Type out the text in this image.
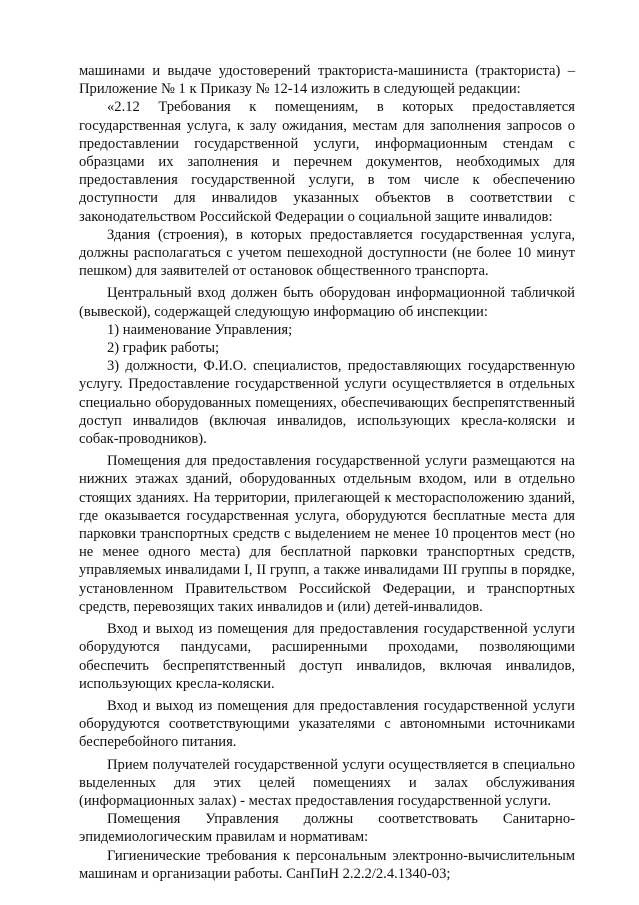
машинами и выдаче удостоверений тракториста-машиниста (тракториста) – Приложение № 1 к Приказу № 12-14 изложить в следующей редакции:

«2.12 Требования к помещениям, в которых предоставляется государственная услуга, к залу ожидания, местам для заполнения запросов о предоставлении государственной услуги, информационным стендам с образцами их заполнения и перечнем документов, необходимых для предоставления государственной услуги, в том числе к обеспечению доступности для инвалидов указанных объектов в соответствии с законодательством Российской Федерации о социальной защите инвалидов:

Здания (строения), в которых предоставляется государственная услуга, должны располагаться с учетом пешеходной доступности (не более 10 минут пешком) для заявителей от остановок общественного транспорта.

Центральный вход должен быть оборудован информационной табличкой (вывеской), содержащей следующую информацию об инспекции:

1) наименование Управления;

2) график работы;

3) должности, Ф.И.О. специалистов, предоставляющих государственную услугу. Предоставление государственной услуги осуществляется в отдельных специально оборудованных помещениях, обеспечивающих беспрепятственный доступ инвалидов (включая инвалидов, использующих кресла-коляски и собак-проводников).

Помещения для предоставления государственной услуги размещаются на нижних этажах зданий, оборудованных отдельным входом, или в отдельно стоящих зданиях. На территории, прилегающей к месторасположению зданий, где оказывается государственная услуга, оборудуются бесплатные места для парковки транспортных средств с выделением не менее 10 процентов мест (но не менее одного места) для бесплатной парковки транспортных средств, управляемых инвалидами I, II групп, а также инвалидами III группы в порядке, установленном Правительством Российской Федерации, и транспортных средств, перевозящих таких инвалидов и (или) детей-инвалидов.

Вход и выход из помещения для предоставления государственной услуги оборудуются пандусами, расширенными проходами, позволяющими обеспечить беспрепятственный доступ инвалидов, включая инвалидов, использующих кресла-коляски.

Вход и выход из помещения для предоставления государственной услуги оборудуются соответствующими указателями с автономными источниками бесперебойного питания.

Прием получателей государственной услуги осуществляется в специально выделенных для этих целей помещениях и залах обслуживания (информационных залах) - местах предоставления государственной услуги.

Помещения Управления должны соответствовать Санитарно-эпидемиологическим правилам и нормативам:

Гигиенические требования к персональным электронно-вычислительным машинам и организации работы. СанПиН 2.2.2/2.4.1340-03;
